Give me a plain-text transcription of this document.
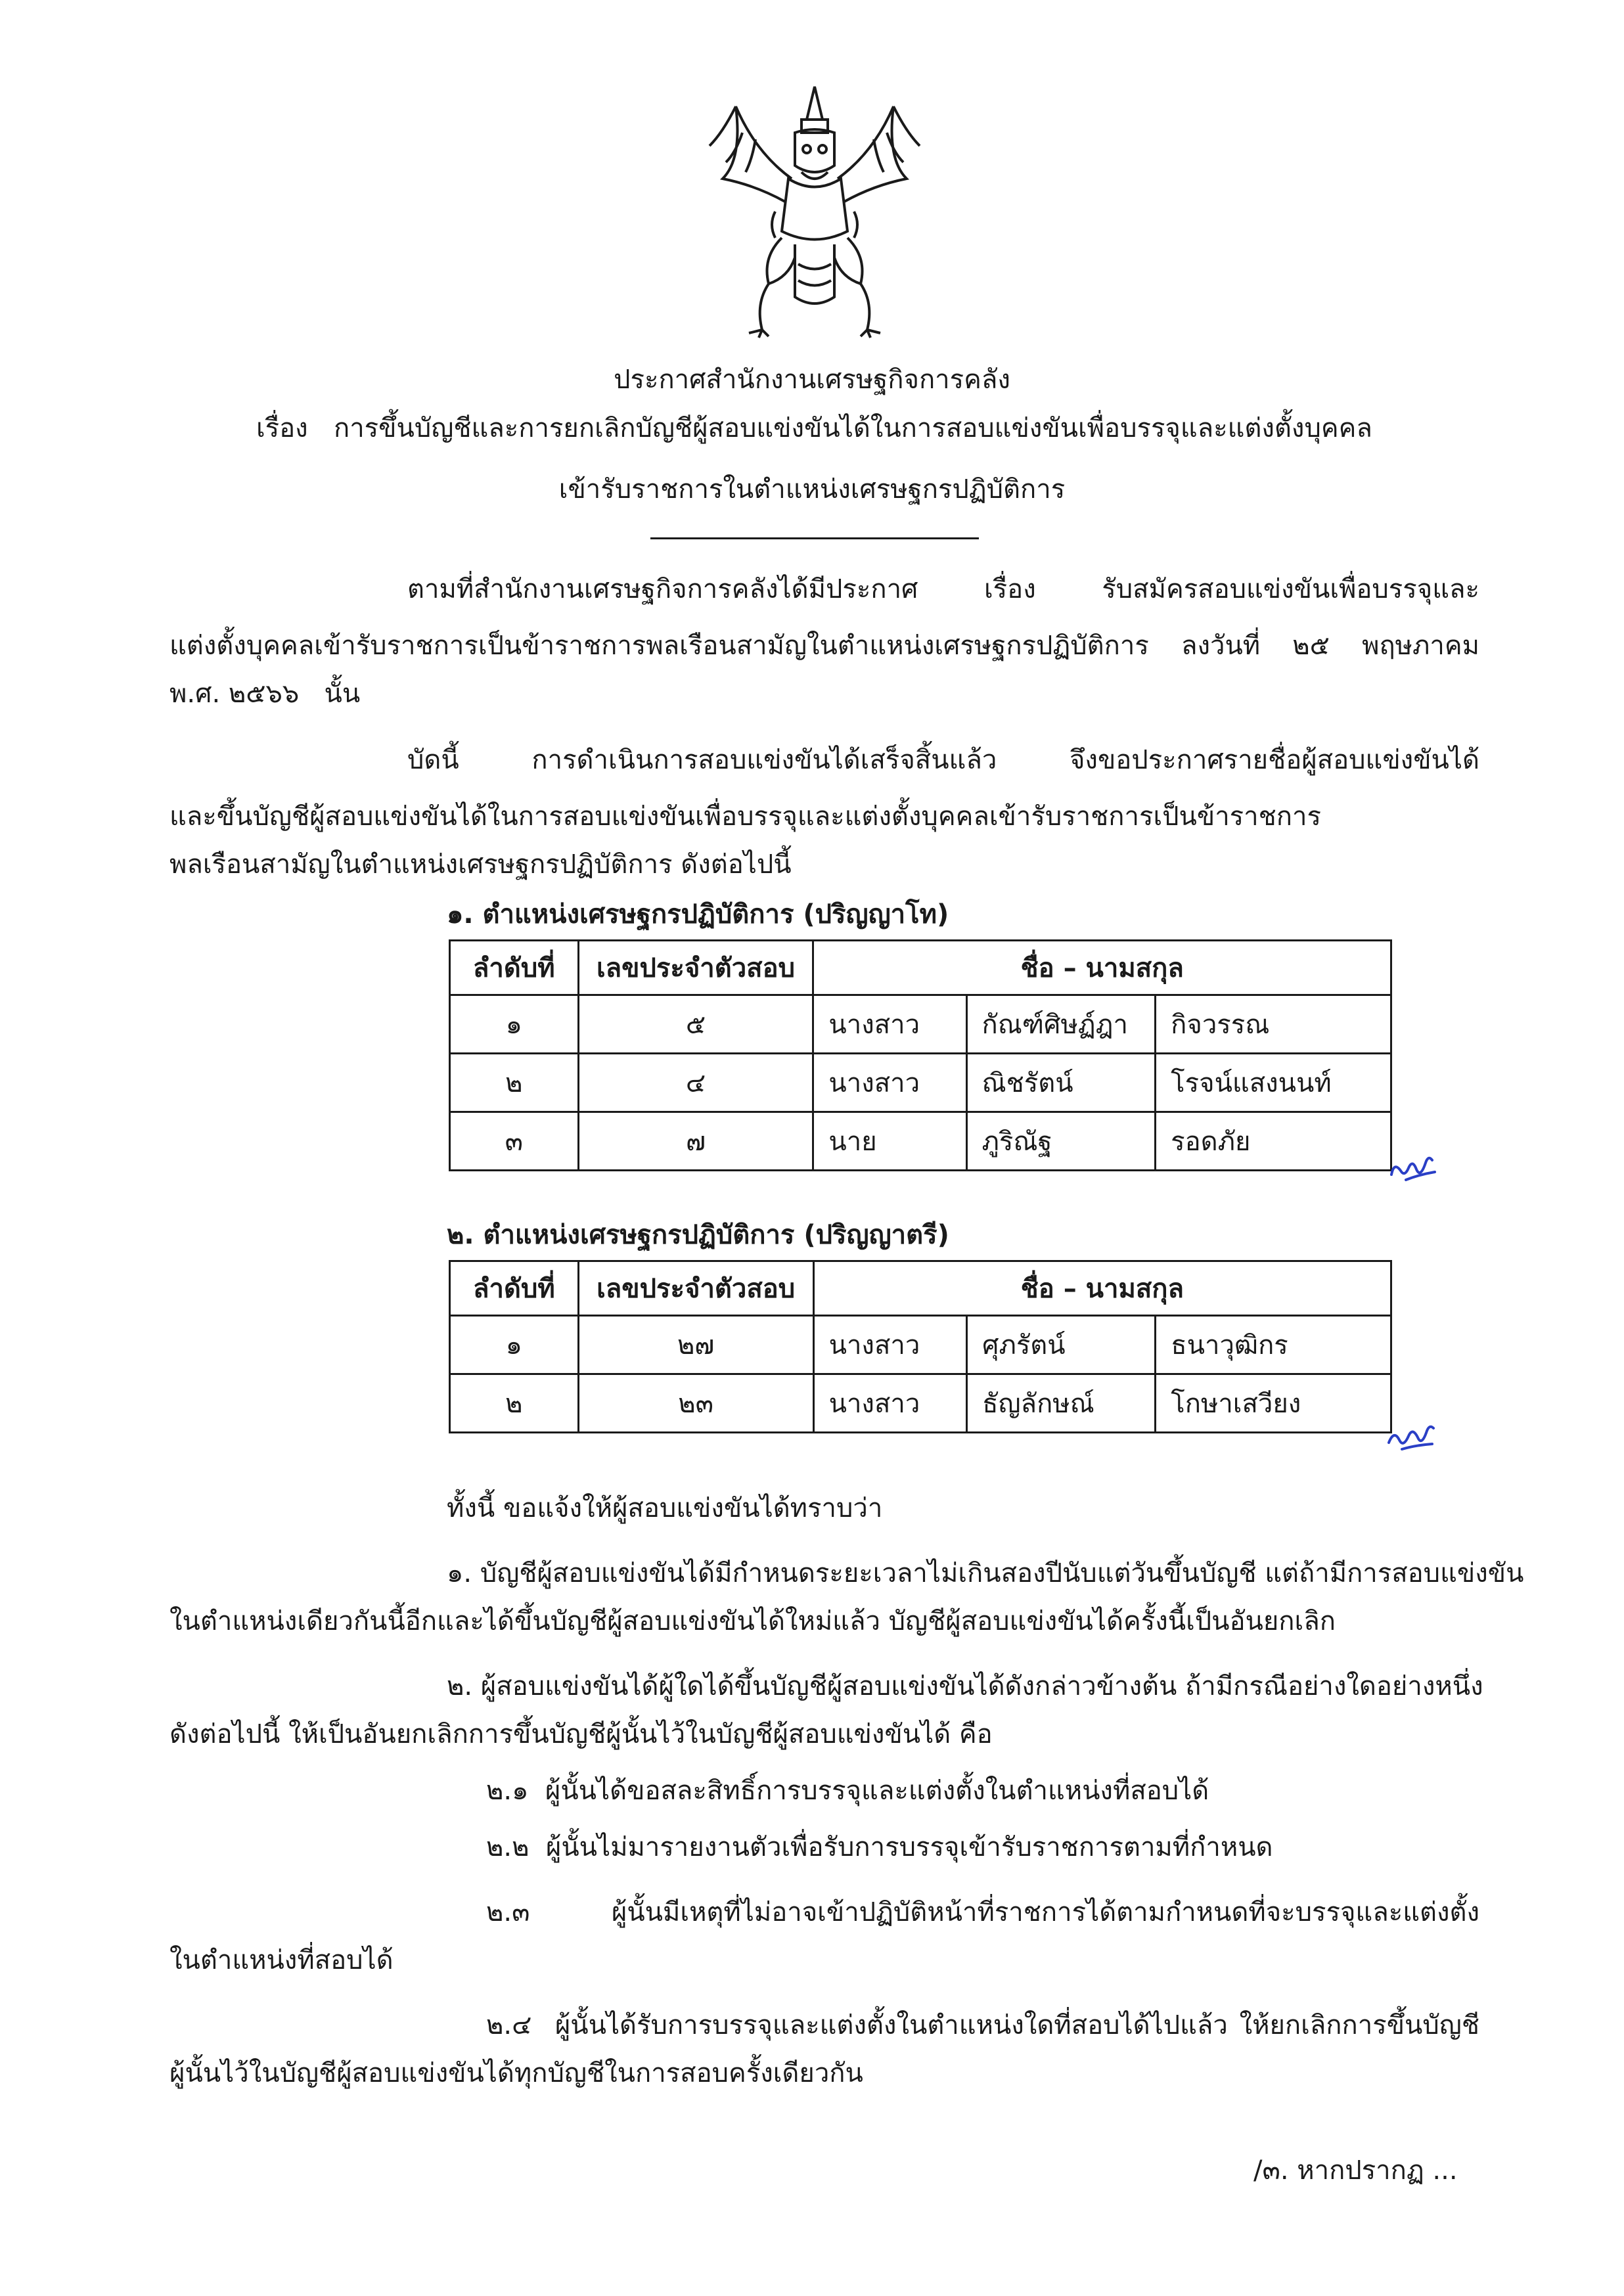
ประกาศสำนักงานเศรษฐกิจการคลัง
เรื่อง การขึ้นบัญชีและการยกเลิกบัญชีผู้สอบแข่งขันได้ในการสอบแข่งขันเพื่อบรรจุและแต่งตั้งบุคคล
เข้ารับราชการในตำแหน่งเศรษฐกรปฏิบัติการ
ตามที่สำนักงานเศรษฐกิจการคลังได้มีประกาศ เรื่อง รับสมัครสอบแข่งขันเพื่อบรรจุและ
แต่งตั้งบุคคลเข้ารับราชการเป็นข้าราชการพลเรือนสามัญในตำแหน่งเศรษฐกรปฏิบัติการ ลงวันที่ ๒๕ พฤษภาคม
พ.ศ. ๒๕๖๖   นั้น
บัดนี้ การดำเนินการสอบแข่งขันได้เสร็จสิ้นแล้ว จึงขอประกาศรายชื่อผู้สอบแข่งขันได้
และขึ้นบัญชีผู้สอบแข่งขันได้ในการสอบแข่งขันเพื่อบรรจุและแต่งตั้งบุคคลเข้ารับราชการเป็นข้าราชการ
พลเรือนสามัญในตำแหน่งเศรษฐกรปฏิบัติการ ดังต่อไปนี้
๑. ตำแหน่งเศรษฐกรปฏิบัติการ (ปริญญาโท)
ลำดับที่	เลขประจำตัวสอบ	ชื่อ – นามสกุล		
๑	๕	นางสาว	กัณฑ์ศิษฏ์ฎา	กิจวรรณ
๒	๔	นางสาว	ณิชรัตน์	โรจน์แสงนนท์
๓	๗	นาย	ภูริณัฐ	รอดภัย
๒. ตำแหน่งเศรษฐกรปฏิบัติการ (ปริญญาตรี)
ลำดับที่	เลขประจำตัวสอบ	ชื่อ – นามสกุล		
๑	๒๗	นางสาว	ศุภรัตน์	ธนาวุฒิกร
๒	๒๓	นางสาว	ธัญลักษณ์	โกษาเสวียง
ทั้งนี้ ขอแจ้งให้ผู้สอบแข่งขันได้ทราบว่า
๑. บัญชีผู้สอบแข่งขันได้มีกำหนดระยะเวลาไม่เกินสองปีนับแต่วันขึ้นบัญชี แต่ถ้ามีการสอบแข่งขัน
ในตำแหน่งเดียวกันนี้อีกและได้ขึ้นบัญชีผู้สอบแข่งขันได้ใหม่แล้ว บัญชีผู้สอบแข่งขันได้ครั้งนี้เป็นอันยกเลิก
๒. ผู้สอบแข่งขันได้ผู้ใดได้ขึ้นบัญชีผู้สอบแข่งขันได้ดังกล่าวข้างต้น ถ้ามีกรณีอย่างใดอย่างหนึ่ง
ดังต่อไปนี้ ให้เป็นอันยกเลิกการขึ้นบัญชีผู้นั้นไว้ในบัญชีผู้สอบแข่งขันได้ คือ
๒.๑  ผู้นั้นได้ขอสละสิทธิ์การบรรจุและแต่งตั้งในตำแหน่งที่สอบได้
๒.๒  ผู้นั้นไม่มารายงานตัวเพื่อรับการบรรจุเข้ารับราชการตามที่กำหนด
๒.๓  ผู้นั้นมีเหตุที่ไม่อาจเข้าปฏิบัติหน้าที่ราชการได้ตามกำหนดที่จะบรรจุและแต่งตั้ง
ในตำแหน่งที่สอบได้
๒.๔  ผู้นั้นได้รับการบรรจุและแต่งตั้งในตำแหน่งใดที่สอบได้ไปแล้ว ให้ยกเลิกการขึ้นบัญชี
ผู้นั้นไว้ในบัญชีผู้สอบแข่งขันได้ทุกบัญชีในการสอบครั้งเดียวกัน
/๓. หากปรากฏ ...
